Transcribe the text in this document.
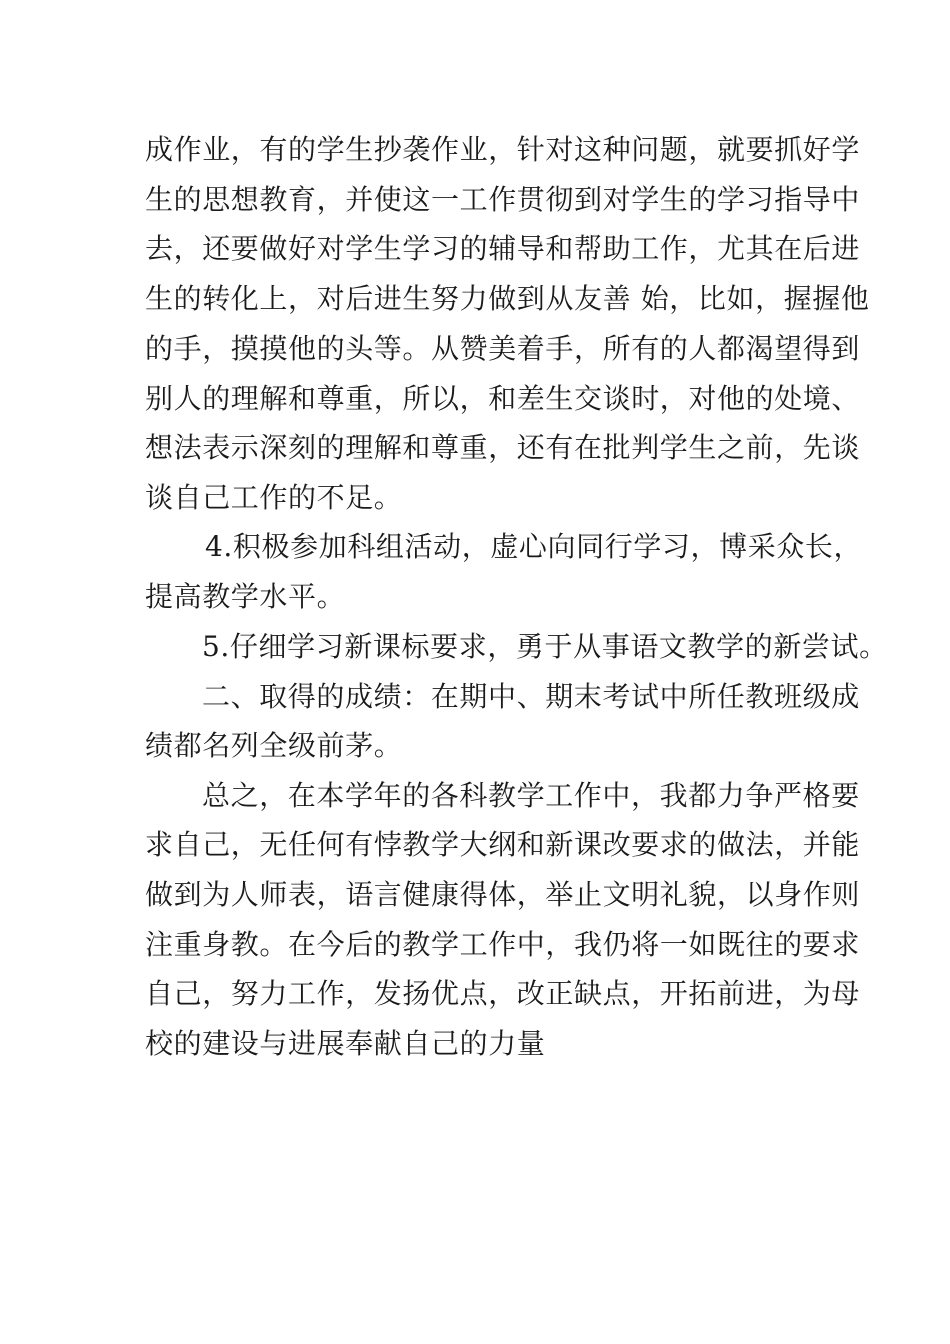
成作业，有的学生抄袭作业，针对这种问题，就要抓好学
生的思想教育，并使这一工作贯彻到对学生的学习指导中
去，还要做好对学生学习的辅导和帮助工作，尤其在后进
生的转化上，对后进生努力做到从友善 始，比如，握握他
的手，摸摸他的头等。从赞美着手，所有的人都渴望得到
别人的理解和尊重，所以，和差生交谈时，对他的处境、
想法表示深刻的理解和尊重，还有在批判学生之前，先谈
谈自己工作的不足。
4.积极参加科组活动，虚心向同行学习，博采众长，
提高教学水平。
5.仔细学习新课标要求，勇于从事语文教学的新尝试。
二、取得的成绩：在期中、期末考试中所任教班级成
绩都名列全级前茅。
总之，在本学年的各科教学工作中，我都力争严格要
求自己，无任何有悖教学大纲和新课改要求的做法，并能
做到为人师表，语言健康得体，举止文明礼貌，以身作则
注重身教。在今后的教学工作中，我仍将一如既往的要求
自己，努力工作，发扬优点，改正缺点，开拓前进，为母
校的建设与进展奉献自己的力量
